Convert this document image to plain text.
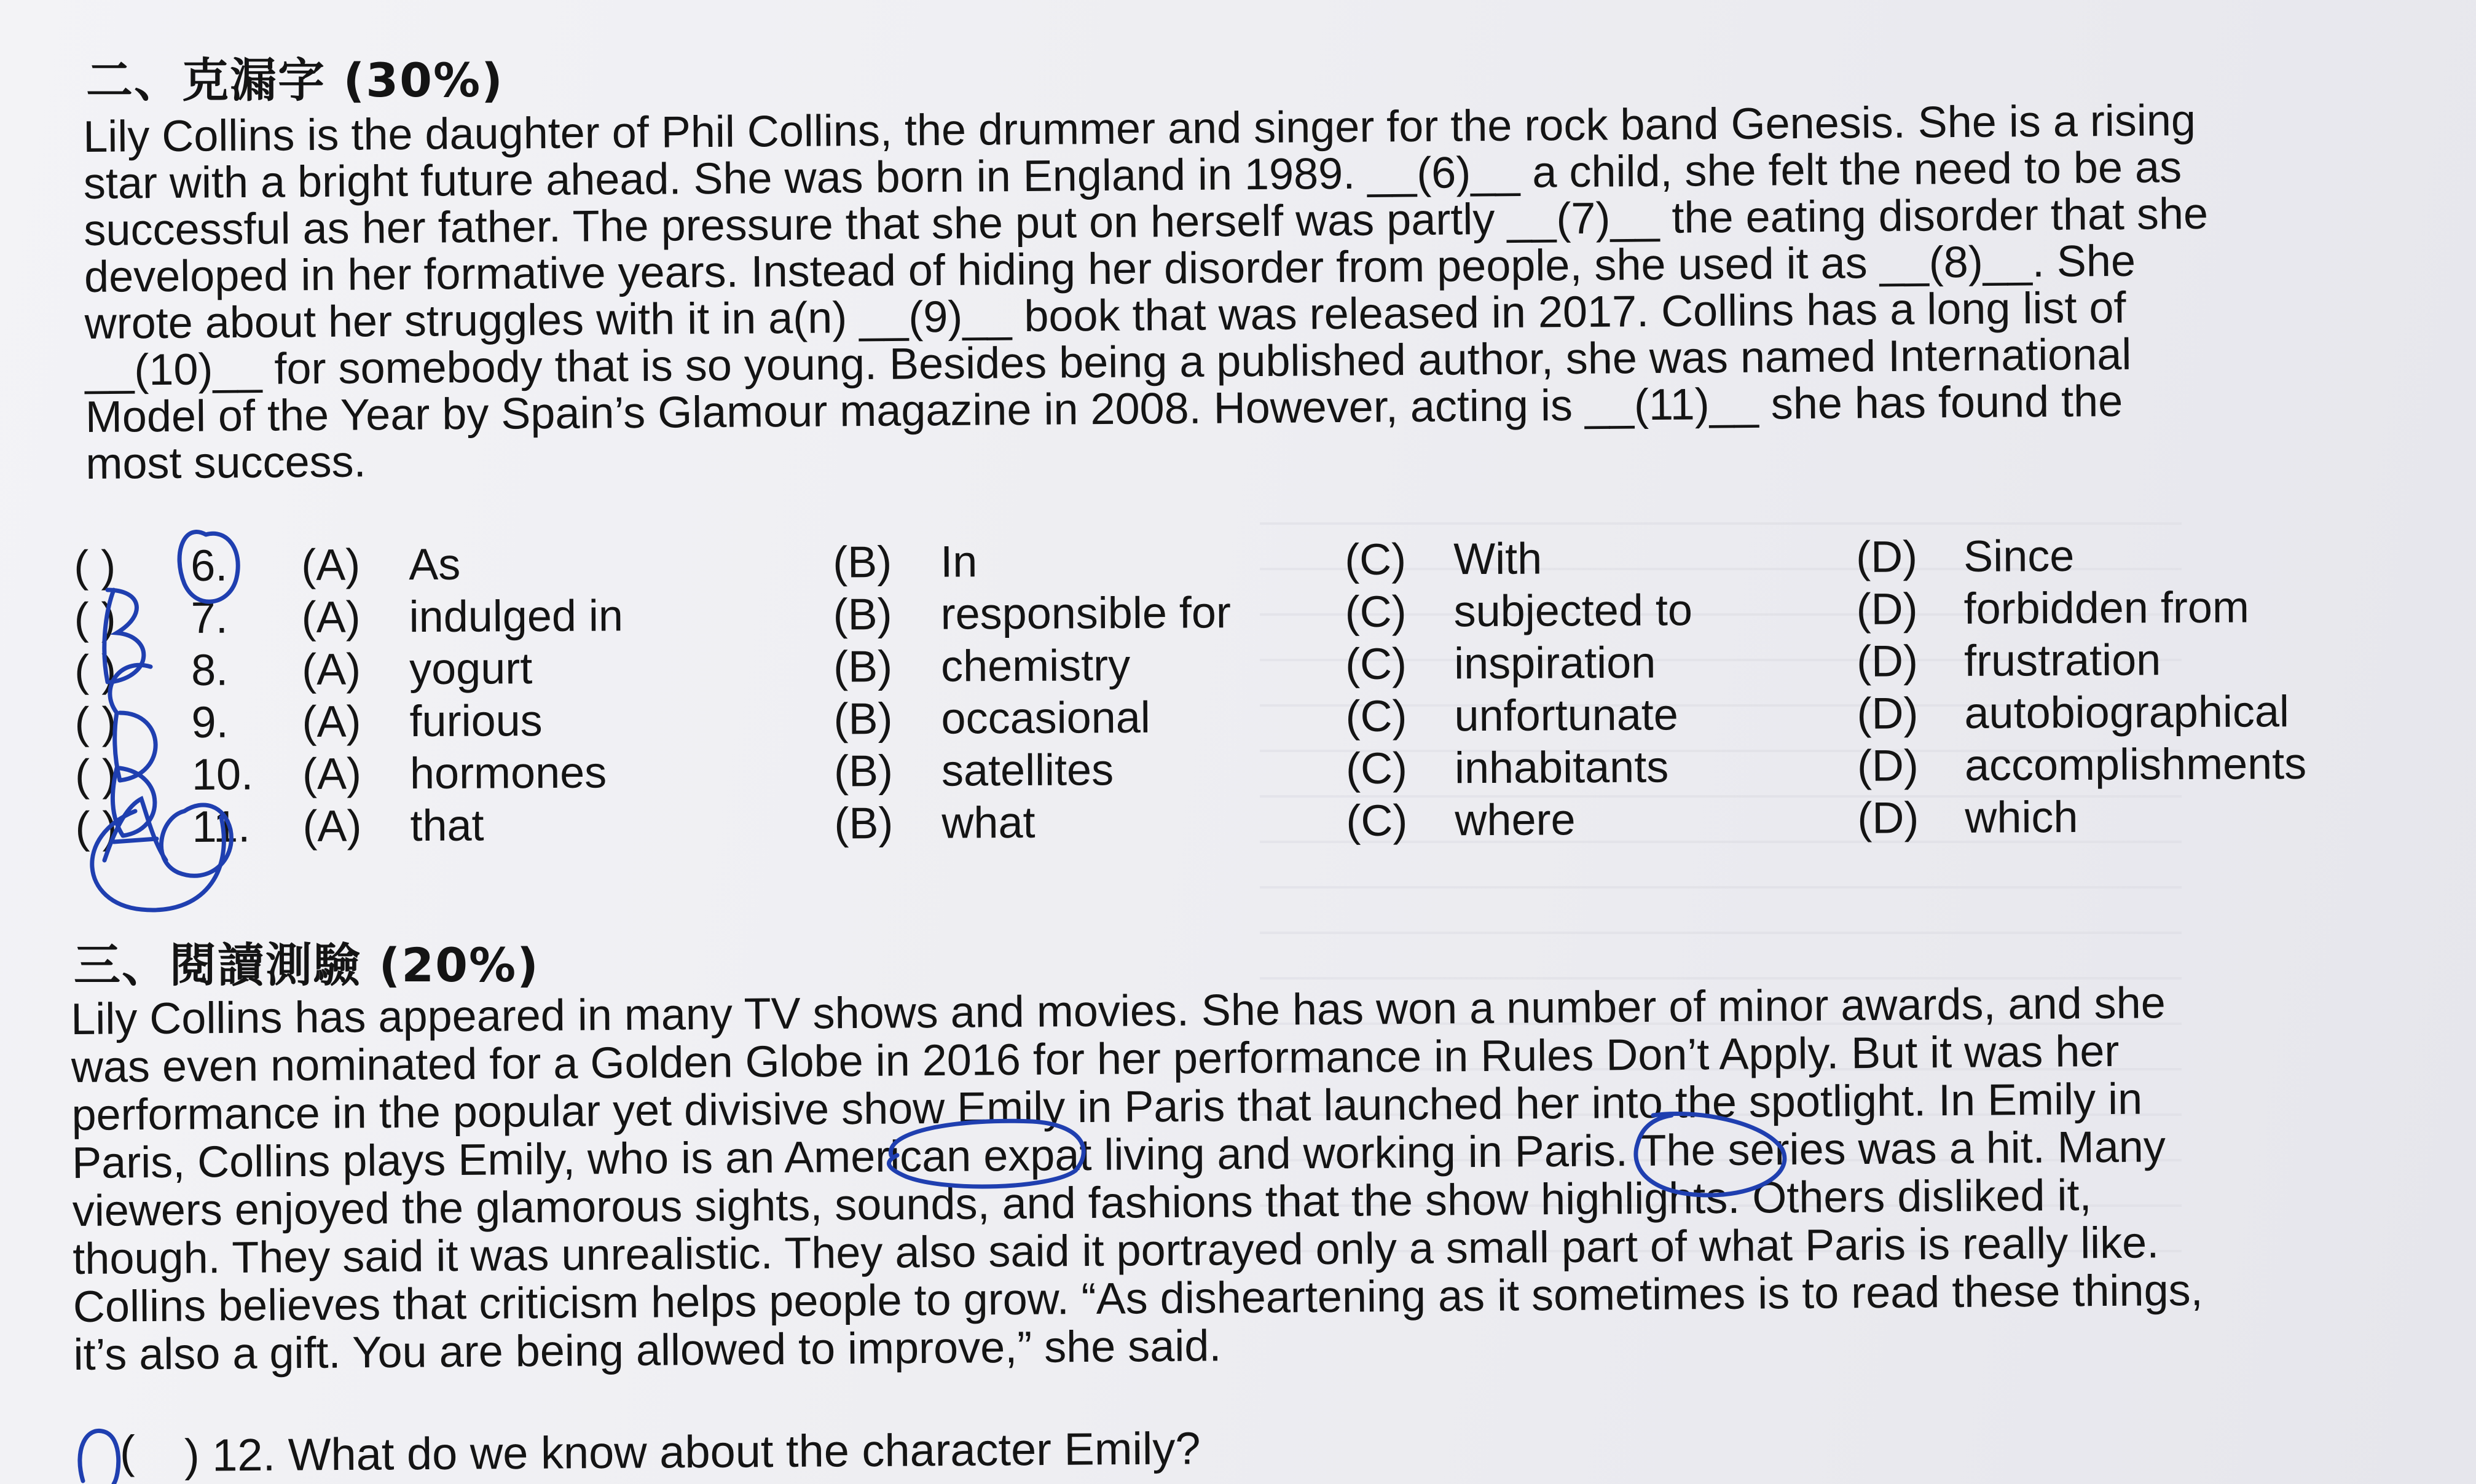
二、克漏字 (30%)
Lily Collins is the daughter of Phil Collins, the drummer and singer for the rock band Genesis. She is a rising
star with a bright future ahead. She was born in England in 1989. __(6)__ a child, she felt the need to be as
successful as her father. The pressure that she put on herself was partly __(7)__ the eating disorder that she
developed in her formative years. Instead of hiding her disorder from people, she used it as __(8)__. She
wrote about her struggles with it in a(n) __(9)__ book that was released in 2017. Collins has a long list of
__(10)__ for somebody that is so young. Besides being a published author, she was named International
Model of the Year by Spain’s Glamour magazine in 2008. However, acting is __(11)__ she has found the
most success.
( ) 6. (A) As	(B) In	(C) With	(D) Since
( ) 7. (A) indulged in	(B) responsible for	(C) subjected to	(D) forbidden from
( ) 8. (A) yogurt	(B) chemistry	(C) inspiration	(D) frustration
( ) 9. (A) furious	(B) occasional	(C) unfortunate	(D) autobiographical
( ) 10. (A) hormones	(B) satellites	(C) inhabitants	(D) accomplishments
( ) 11. (A) that	(B) what	(C) where	(D) which
三、閱讀測驗 (20%)
Lily Collins has appeared in many TV shows and movies. She has won a number of minor awards, and she
was even nominated for a Golden Globe in 2016 for her performance in Rules Don’t Apply. But it was her
performance in the popular yet divisive show Emily in Paris that launched her into the spotlight. In Emily in
Paris, Collins plays Emily, who is an American expat living and working in Paris. The series was a hit. Many
viewers enjoyed the glamorous sights, sounds, and fashions that the show highlights. Others disliked it,
though. They said it was unrealistic. They also said it portrayed only a small part of what Paris is really like.
Collins believes that criticism helps people to grow. “As disheartening as it sometimes is to read these things,
it’s also a gift. You are being allowed to improve,” she said.
( ) 12. What do we know about the character Emily?
